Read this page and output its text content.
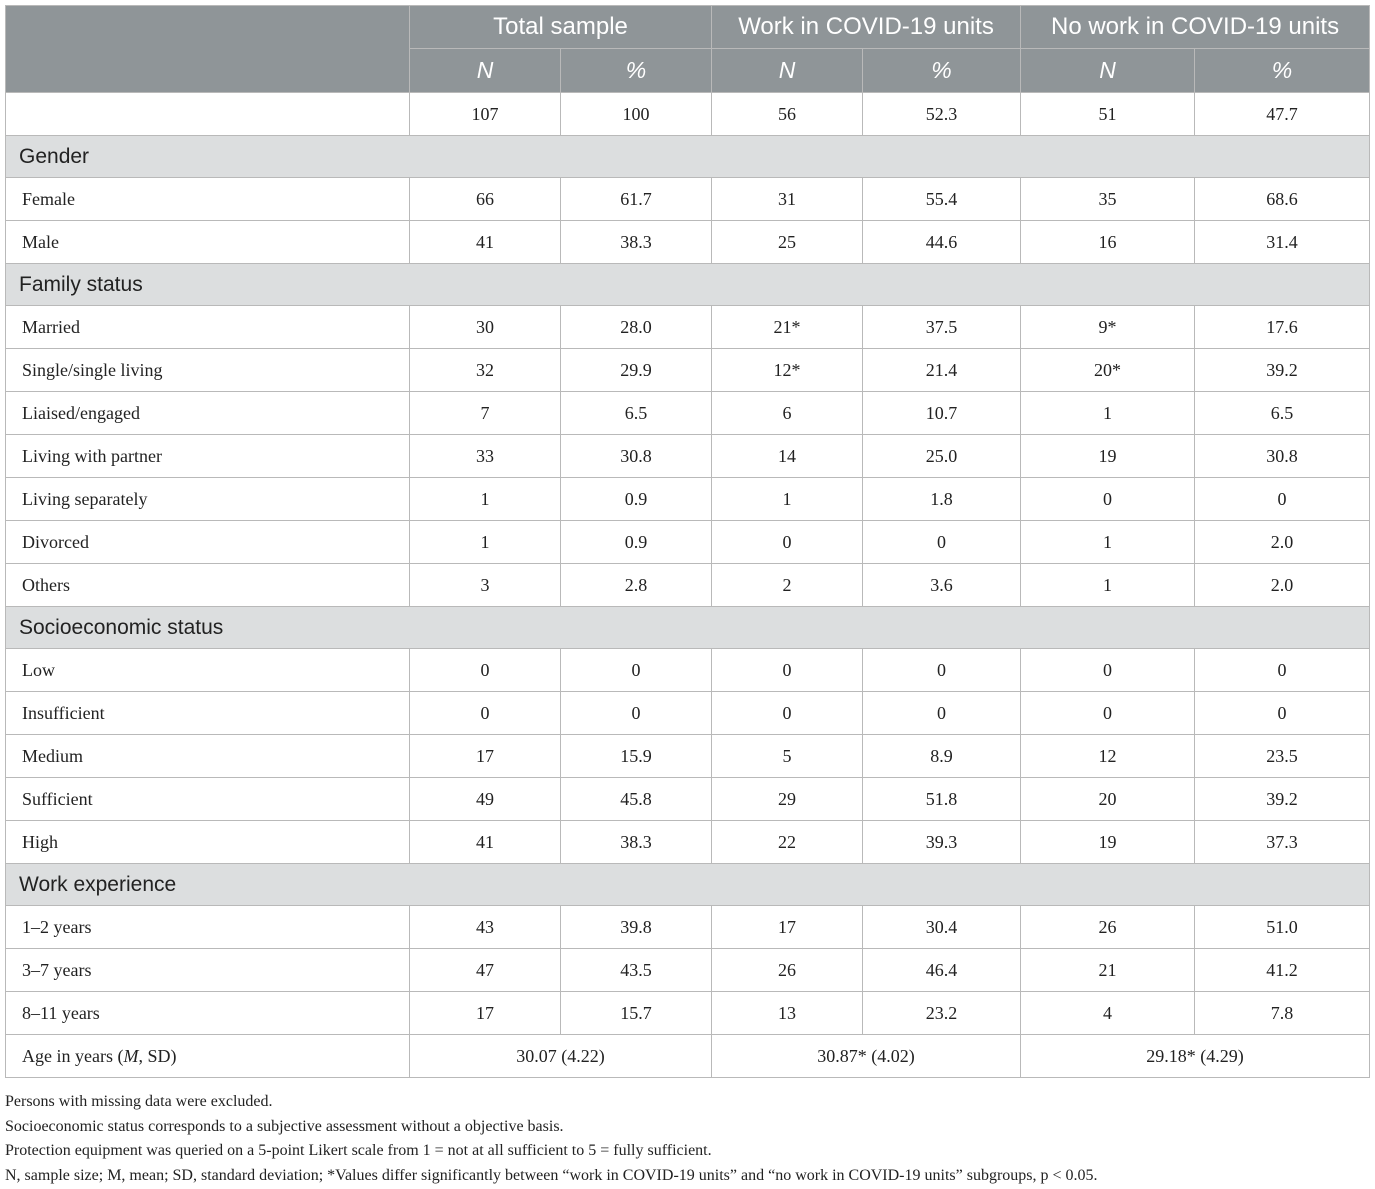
	Total sample		Work in COVID-19 units		No work in COVID-19 units	
	N	%	N	%	N	%
	107	100	56	52.3	51	47.7
Gender						
Female	66	61.7	31	55.4	35	68.6
Male	41	38.3	25	44.6	16	31.4
Family status						
Married	30	28.0	21*	37.5	9*	17.6
Single/single living	32	29.9	12*	21.4	20*	39.2
Liaised/engaged	7	6.5	6	10.7	1	6.5
Living with partner	33	30.8	14	25.0	19	30.8
Living separately	1	0.9	1	1.8	0	0
Divorced	1	0.9	0	0	1	2.0
Others	3	2.8	2	3.6	1	2.0
Socioeconomic status						
Low	0	0	0	0	0	0
Insufficient	0	0	0	0	0	0
Medium	17	15.9	5	8.9	12	23.5
Sufficient	49	45.8	29	51.8	20	39.2
High	41	38.3	22	39.3	19	37.3
Work experience						
1–2 years	43	39.8	17	30.4	26	51.0
3–7 years	47	43.5	26	46.4	21	41.2
8–11 years	17	15.7	13	23.2	4	7.8
Age in years (M, SD)	30.07 (4.22)		30.87* (4.02)		29.18* (4.29)	
Persons with missing data were excluded.
Socioeconomic status corresponds to a subjective assessment without a objective basis.
Protection equipment was queried on a 5-point Likert scale from 1 = not at all sufficient to 5 = fully sufficient.
N, sample size; M, mean; SD, standard deviation; *Values differ significantly between “work in COVID-19 units” and “no work in COVID-19 units” subgroups, p < 0.05.
